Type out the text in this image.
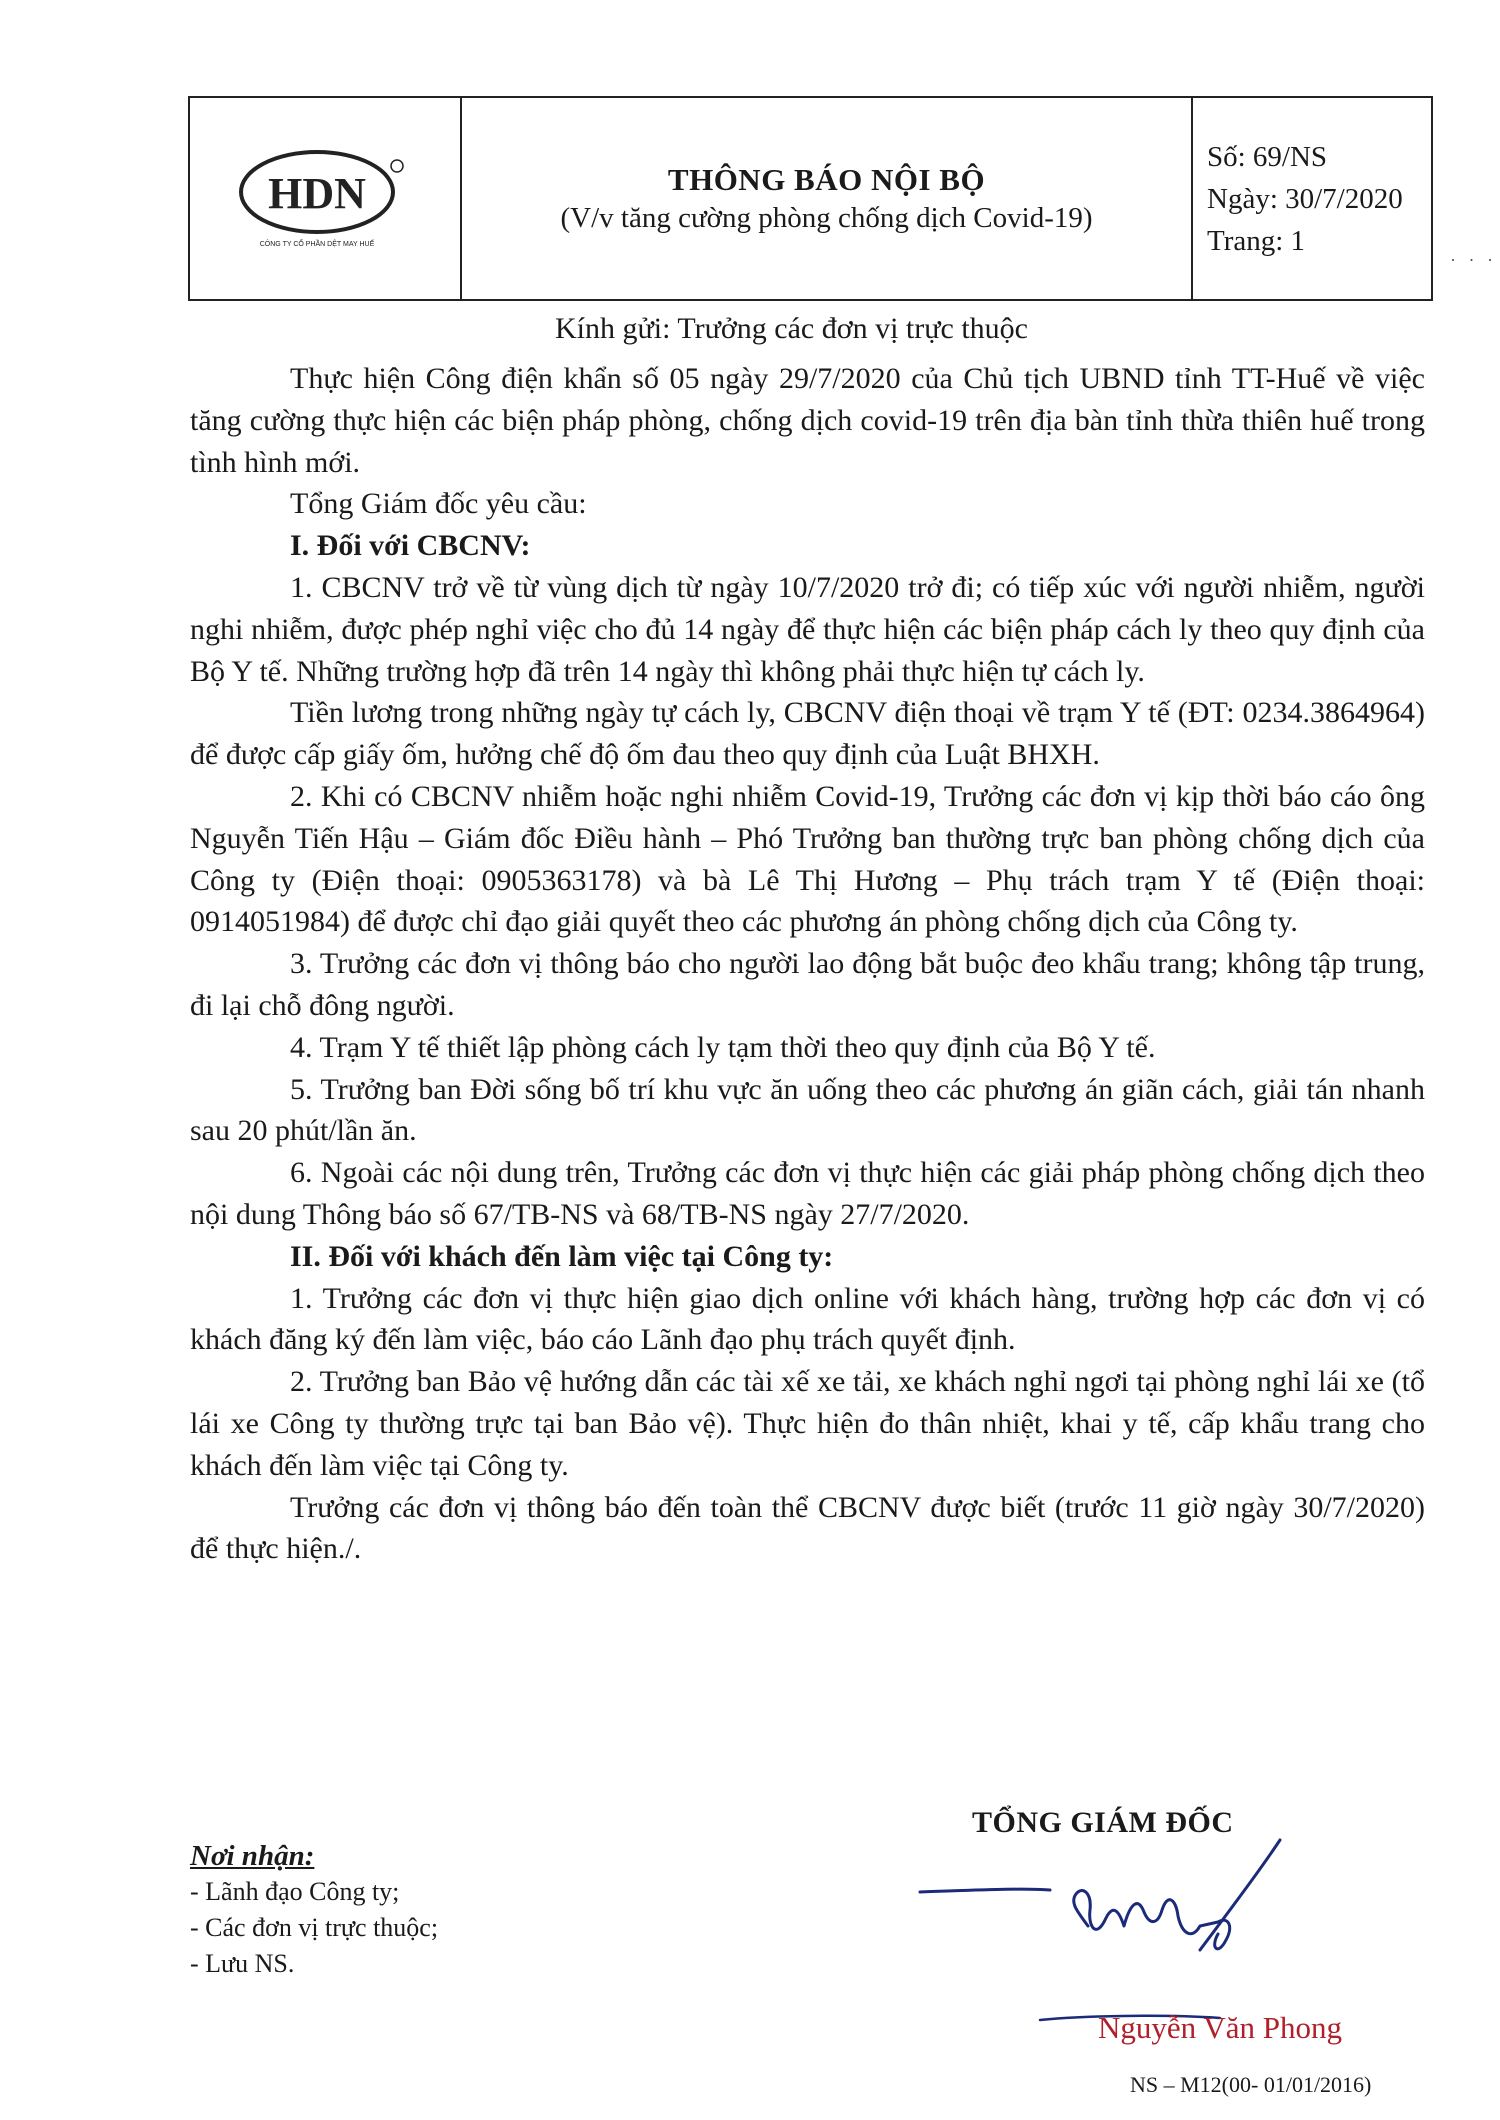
HDN
CÔNG TY CỔ PHẦN DỆT MAY HUẾ
THÔNG BÁO NỘI BỘ
(V/v tăng cường phòng chống dịch Covid-19)
Số: 69/NS
Ngày: 30/7/2020
Trang: 1
· · ·
Kính gửi: Trưởng các đơn vị trực thuộc

Thực hiện Công điện khẩn số 05 ngày 29/7/2020 của Chủ tịch UBND tỉnh TT-Huế về việc tăng cường thực hiện các biện pháp phòng, chống dịch covid-19 trên địa bàn tỉnh thừa thiên huế trong tình hình mới.

Tổng Giám đốc yêu cầu:

I. Đối với CBCNV:

1. CBCNV trở về từ vùng dịch từ ngày 10/7/2020 trở đi; có tiếp xúc với người nhiễm, người nghi nhiễm, được phép nghỉ việc cho đủ 14 ngày để thực hiện các biện pháp cách ly theo quy định của Bộ Y tế. Những trường hợp đã trên 14 ngày thì không phải thực hiện tự cách ly.

Tiền lương trong những ngày tự cách ly, CBCNV điện thoại về trạm Y tế (ĐT: 0234.3864964) để được cấp giấy ốm, hưởng chế độ ốm đau theo quy định của Luật BHXH.

2. Khi có CBCNV nhiễm hoặc nghi nhiễm Covid-19, Trưởng các đơn vị kịp thời báo cáo ông Nguyễn Tiến Hậu – Giám đốc Điều hành – Phó Trưởng ban thường trực ban phòng chống dịch của Công ty (Điện thoại: 0905363178) và bà Lê Thị Hương – Phụ trách trạm Y tế (Điện thoại: 0914051984) để được chỉ đạo giải quyết theo các phương án phòng chống dịch của Công ty.

3. Trưởng các đơn vị thông báo cho người lao động bắt buộc đeo khẩu trang; không tập trung, đi lại chỗ đông người.

4. Trạm Y tế thiết lập phòng cách ly tạm thời theo quy định của Bộ Y tế.

5. Trưởng ban Đời sống bố trí khu vực ăn uống theo các phương án giãn cách, giải tán nhanh sau 20 phút/lần ăn.

6. Ngoài các nội dung trên, Trưởng các đơn vị thực hiện các giải pháp phòng chống dịch theo nội dung Thông báo số 67/TB-NS và 68/TB-NS ngày 27/7/2020.

II. Đối với khách đến làm việc tại Công ty:

1. Trưởng các đơn vị thực hiện giao dịch online với khách hàng, trường hợp các đơn vị có khách đăng ký đến làm việc, báo cáo Lãnh đạo phụ trách quyết định.

2. Trưởng ban Bảo vệ hướng dẫn các tài xế xe tải, xe khách nghỉ ngơi tại phòng nghỉ lái xe (tổ lái xe Công ty thường trực tại ban Bảo vệ). Thực hiện đo thân nhiệt, khai y tế, cấp khẩu trang cho khách đến làm việc tại Công ty.

Trưởng các đơn vị thông báo đến toàn thể CBCNV được biết (trước 11 giờ ngày 30/7/2020) để thực hiện./.

TỔNG GIÁM ĐỐC
Nguyễn Văn Phong
Nơi nhận:
- Lãnh đạo Công ty;
- Các đơn vị trực thuộc;
- Lưu NS.
NS – M12(00- 01/01/2016)
